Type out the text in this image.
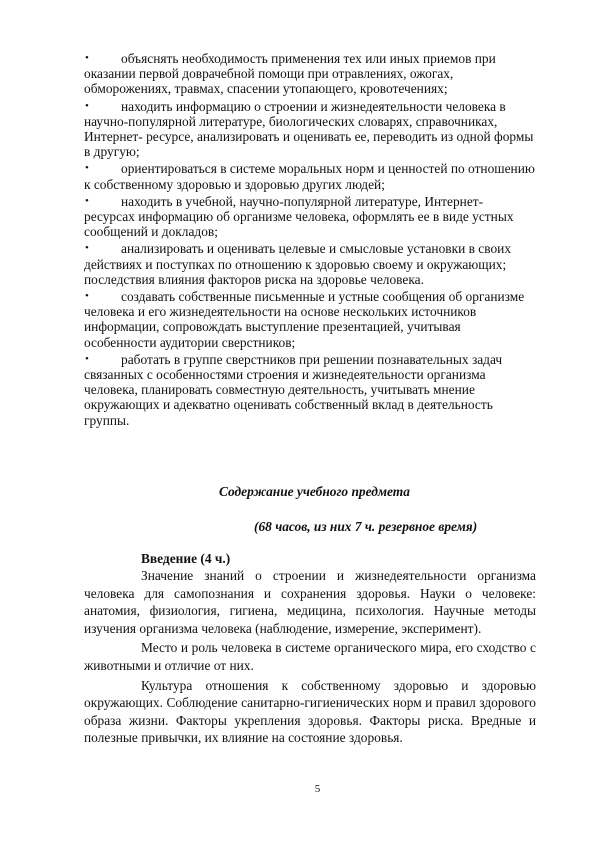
•	объяснять необходимость применения тех или иных приемов при
оказании первой доврачебной помощи при отравлениях, ожогах, обморожениях, травмах, спасении утопающего, кровотечениях;
•	находить информацию о строении и жизнедеятельности человека в
научно-популярной литературе, биологических словарях, справочниках, Интернет- ресурсе, анализировать и оценивать ее, переводить из одной формы в другую;
•	ориентироваться в системе моральных норм и ценностей по отношению
к собственному здоровью и здоровью других людей;
•	находить в учебной, научно-популярной литературе, Интернет-
ресурсах информацию об организме человека, оформлять ее в виде устных сообщений и докладов;
•	анализировать и оценивать целевые и смысловые установки в своих
действиях и поступках по отношению к здоровью своему и окружающих; последствия влияния факторов риска на здоровье человека.
•	создавать собственные письменные и устные сообщения об организме
человека и его жизнедеятельности на основе нескольких источников информации, сопровождать выступление презентацией, учитывая особенности аудитории сверстников;
•	работать в группе сверстников при решении познавательных задач
связанных с особенностями строения и жизнедеятельности организма человека, планировать совместную деятельность, учитывать мнение окружающих и адекватно оценивать собственный вклад в деятельность группы.
Содержание учебного предмета
(68 часов, из них 7 ч. резервное время)
Введение (4 ч.)

Значение знаний о строении и жизнедеятельности организма человека для самопознания и сохранения здоровья. Науки о человеке: анатомия, физиология, гигиена, медицина, психология. Научные методы изучения организма человека (наблюдение, измерение, эксперимент).

Место и роль человека в системе органического мира, его сходство с животными и отличие от них.

Культура отношения к собственному здоровью и здоровью окружающих. Соблюдение санитарно-гигиенических норм и правил здорового образа жизни. Факторы укрепления здоровья. Факторы риска. Вредные и полезные привычки, их влияние на состояние здоровья.

5
